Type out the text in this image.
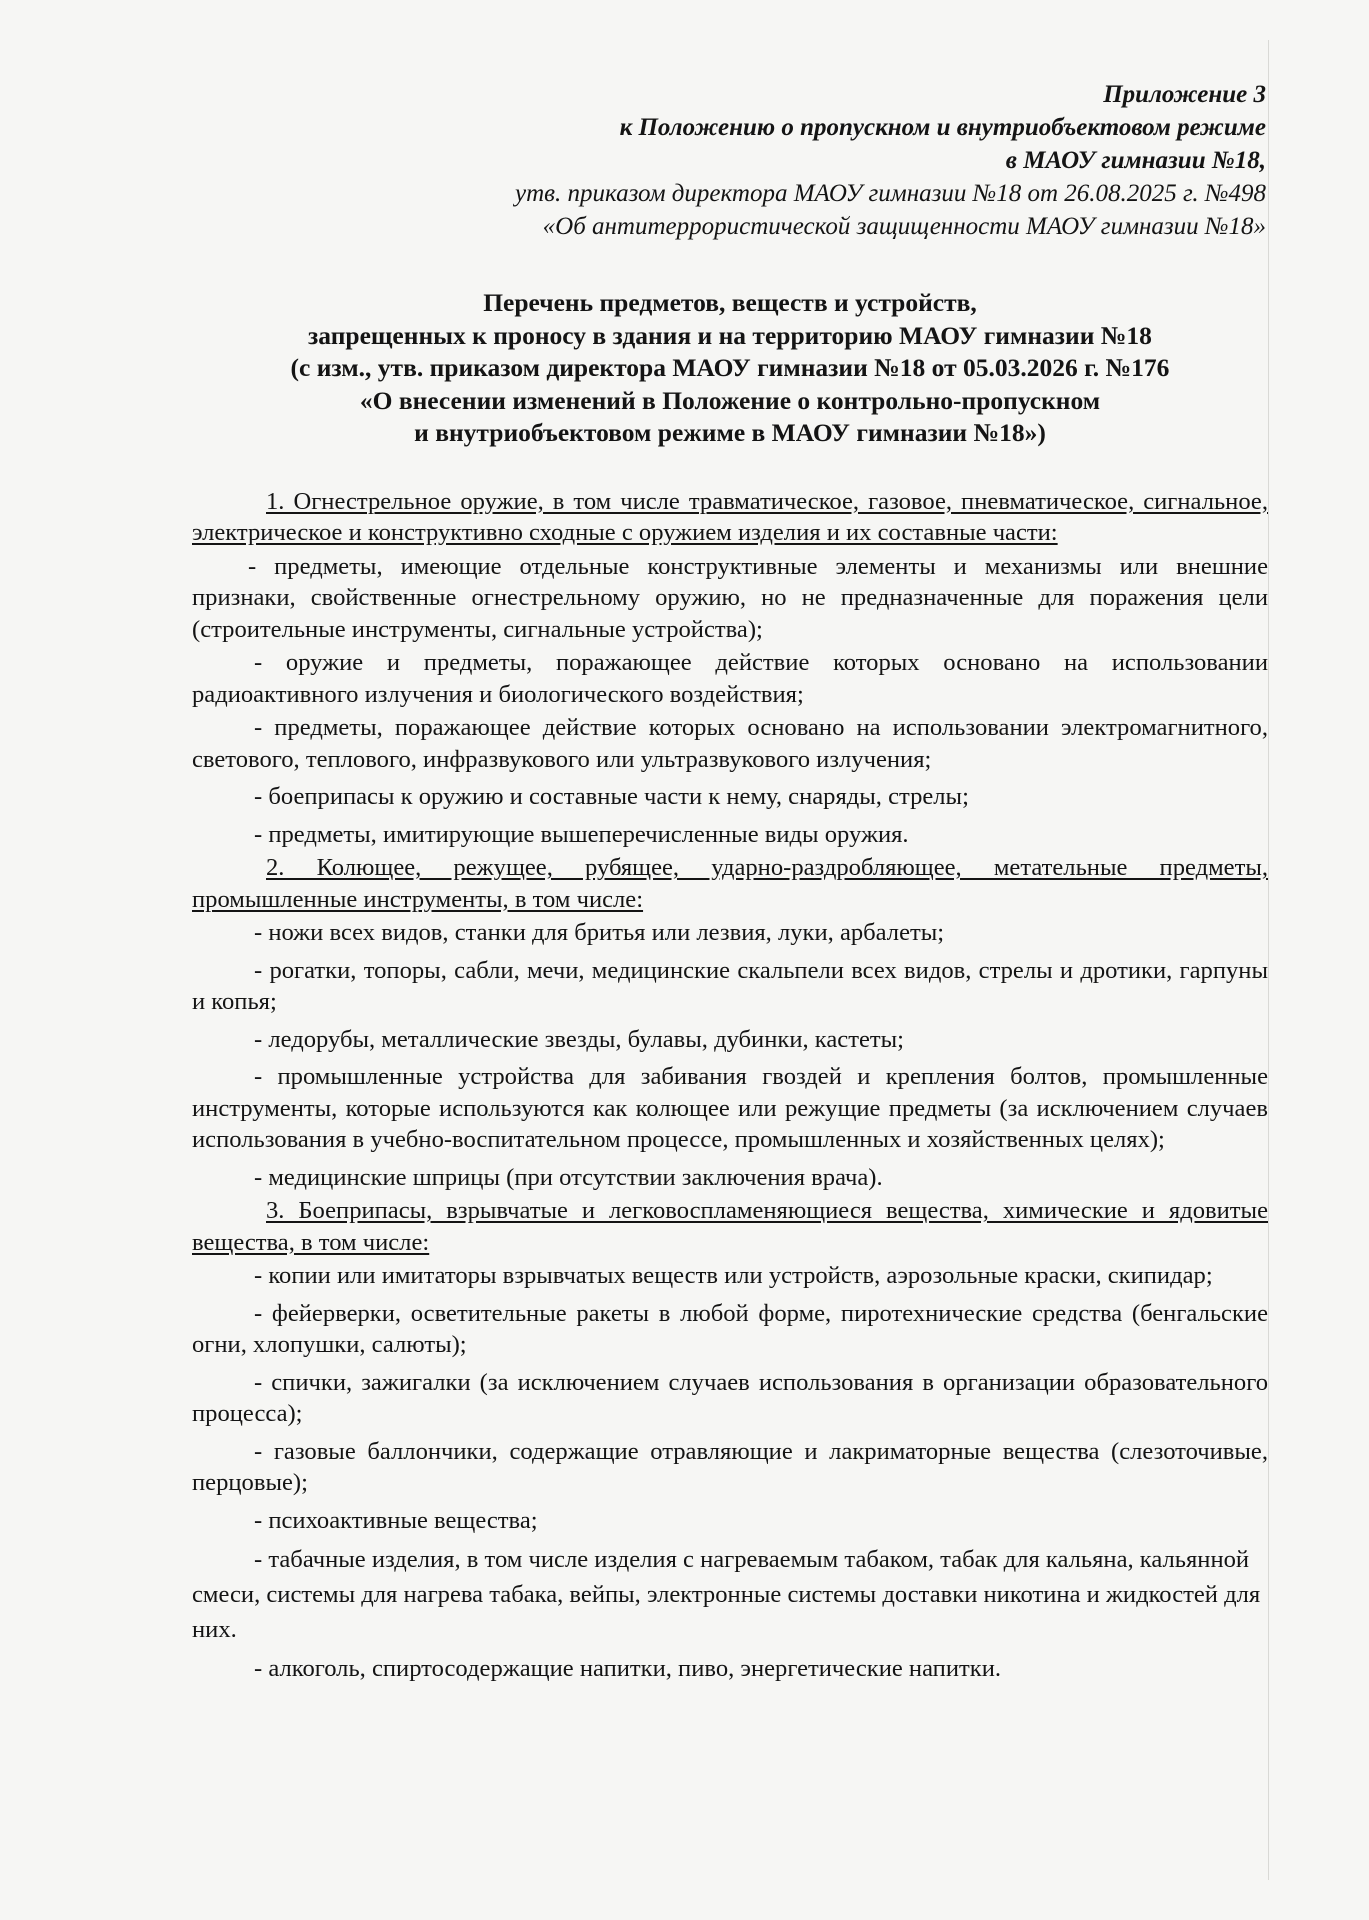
Приложение 3
к Положению о пропускном и внутриобъектовом режиме
в МАОУ гимназии №18,
утв. приказом директора МАОУ гимназии №18 от 26.08.2025 г. №498
«Об антитеррористической защищенности МАОУ гимназии №18»
Перечень предметов, веществ и устройств,
запрещенных к проносу в здания и на территорию МАОУ гимназии №18
(с изм., утв. приказом директора МАОУ гимназии №18 от 05.03.2026 г. №176
«О внесении изменений в Положение о контрольно-пропускном
и внутриобъектовом режиме в МАОУ гимназии №18»)

1. Огнестрельное оружие, в том числе травматическое, газовое, пневматическое, сигнальное, электрическое и конструктивно сходные с оружием изделия и их составные части:

- предметы, имеющие отдельные конструктивные элементы и механизмы или внешние признаки, свойственные огнестрельному оружию, но не предназначенные для поражения цели (строительные инструменты, сигнальные устройства);

- оружие и предметы, поражающее действие которых основано на использовании радиоактивного излучения и биологического воздействия;

- предметы, поражающее действие которых основано на использовании электромагнитного, светового, теплового, инфразвукового или ультразвукового излучения;

- боеприпасы к оружию и составные части к нему, снаряды, стрелы;

- предметы, имитирующие вышеперечисленные виды оружия.

2. Колющее, режущее, рубящее, ударно-раздробляющее, метательные предметы, промышленные инструменты, в том числе:

- ножи всех видов, станки для бритья или лезвия, луки, арбалеты;

- рогатки, топоры, сабли, мечи, медицинские скальпели всех видов, стрелы и дротики, гарпуны и копья;

- ледорубы, металлические звезды, булавы, дубинки, кастеты;

- промышленные устройства для забивания гвоздей и крепления болтов, промышленные инструменты, которые используются как колющее или режущие предметы (за исключением случаев использования в учебно-воспитательном процессе, промышленных и хозяйственных целях);

- медицинские шприцы (при отсутствии заключения врача).

3. Боеприпасы, взрывчатые и легковоспламеняющиеся вещества, химические и ядовитые вещества, в том числе:

- копии или имитаторы взрывчатых веществ или устройств, аэрозольные краски, скипидар;

- фейерверки, осветительные ракеты в любой форме, пиротехнические средства (бенгальские огни, хлопушки, салюты);

- спички, зажигалки (за исключением случаев использования в организации образовательного процесса);

- газовые баллончики, содержащие отравляющие и лакриматорные вещества (слезоточивые, перцовые);

- психоактивные вещества;

- табачные изделия, в том числе изделия с нагреваемым табаком, табак для кальяна, кальянной смеси, системы для нагрева табака, вейпы, электронные системы доставки никотина и жидкостей для них.

- алкоголь, спиртосодержащие напитки, пиво, энергетические напитки.
